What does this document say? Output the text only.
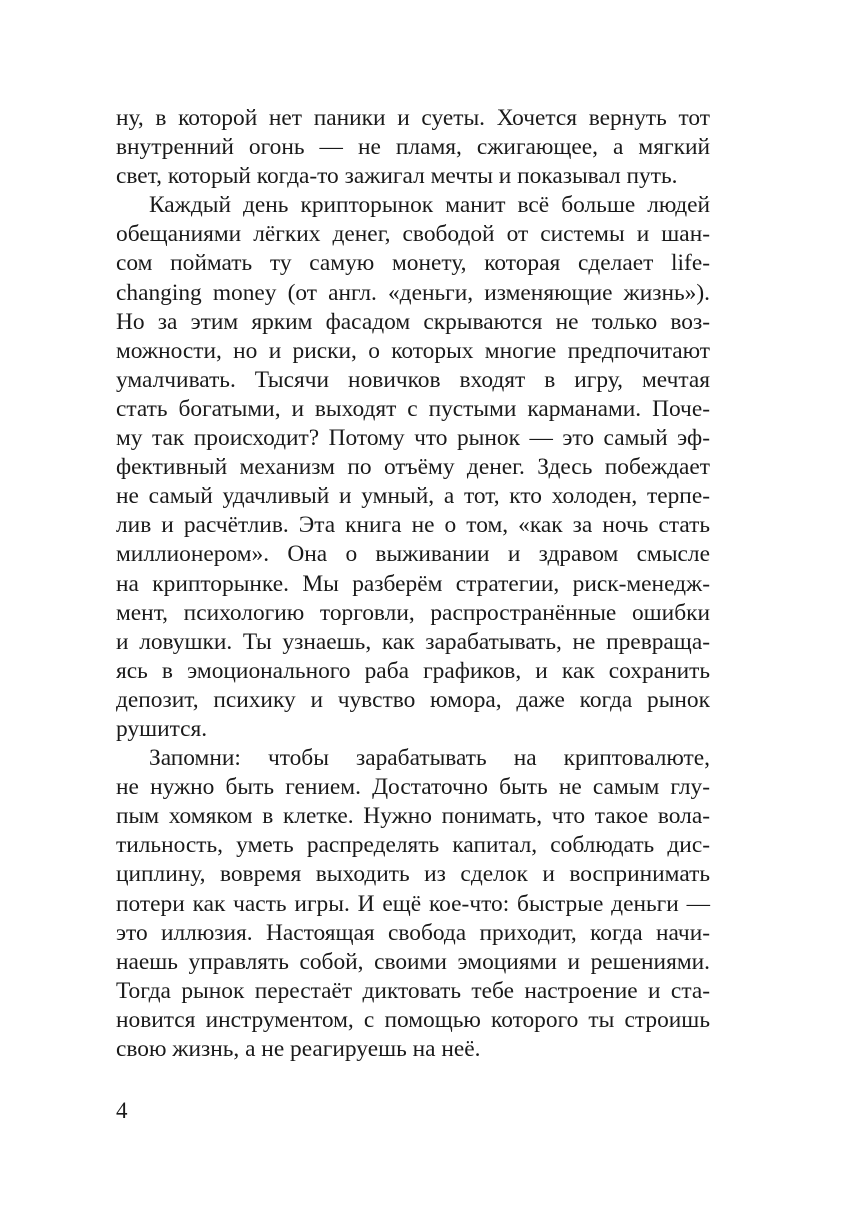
ну, в которой нет паники и суеты. Хочется вернуть тот
внутренний огонь — не пламя, сжигающее, а мягкий
свет, который когда-то зажигал мечты и показывал путь.
Каждый день крипторынок манит всё больше людей
обещаниями лёгких денег, свободой от системы и шан-
сом поймать ту самую монету, которая сделает life-
changing money (от англ. «деньги, изменяющие жизнь»).
Но за этим ярким фасадом скрываются не только воз-
можности, но и риски, о которых многие предпочитают
умалчивать. Тысячи новичков входят в игру, мечтая
стать богатыми, и выходят с пустыми карманами. Поче-
му так происходит? Потому что рынок — это самый эф-
фективный механизм по отъёму денег. Здесь побеждает
не самый удачливый и умный, а тот, кто холоден, терпе-
лив и расчётлив. Эта книга не о том, «как за ночь стать
миллионером». Она о выживании и здравом смысле
на крипторынке. Мы разберём стратегии, риск-менедж-
мент, психологию торговли, распространённые ошибки
и ловушки. Ты узнаешь, как зарабатывать, не превраща-
ясь в эмоционального раба графиков, и как сохранить
депозит, психику и чувство юмора, даже когда рынок
рушится.
Запомни: чтобы зарабатывать на криптовалюте,
не нужно быть гением. Достаточно быть не самым глу-
пым хомяком в клетке. Нужно понимать, что такое вола-
тильность, уметь распределять капитал, соблюдать дис-
циплину, вовремя выходить из сделок и воспринимать
потери как часть игры. И ещё кое-что: быстрые деньги —
это иллюзия. Настоящая свобода приходит, когда начи-
наешь управлять собой, своими эмоциями и решениями.
Тогда рынок перестаёт диктовать тебе настроение и ста-
новится инструментом, с помощью которого ты строишь
свою жизнь, а не реагируешь на неё.
4
